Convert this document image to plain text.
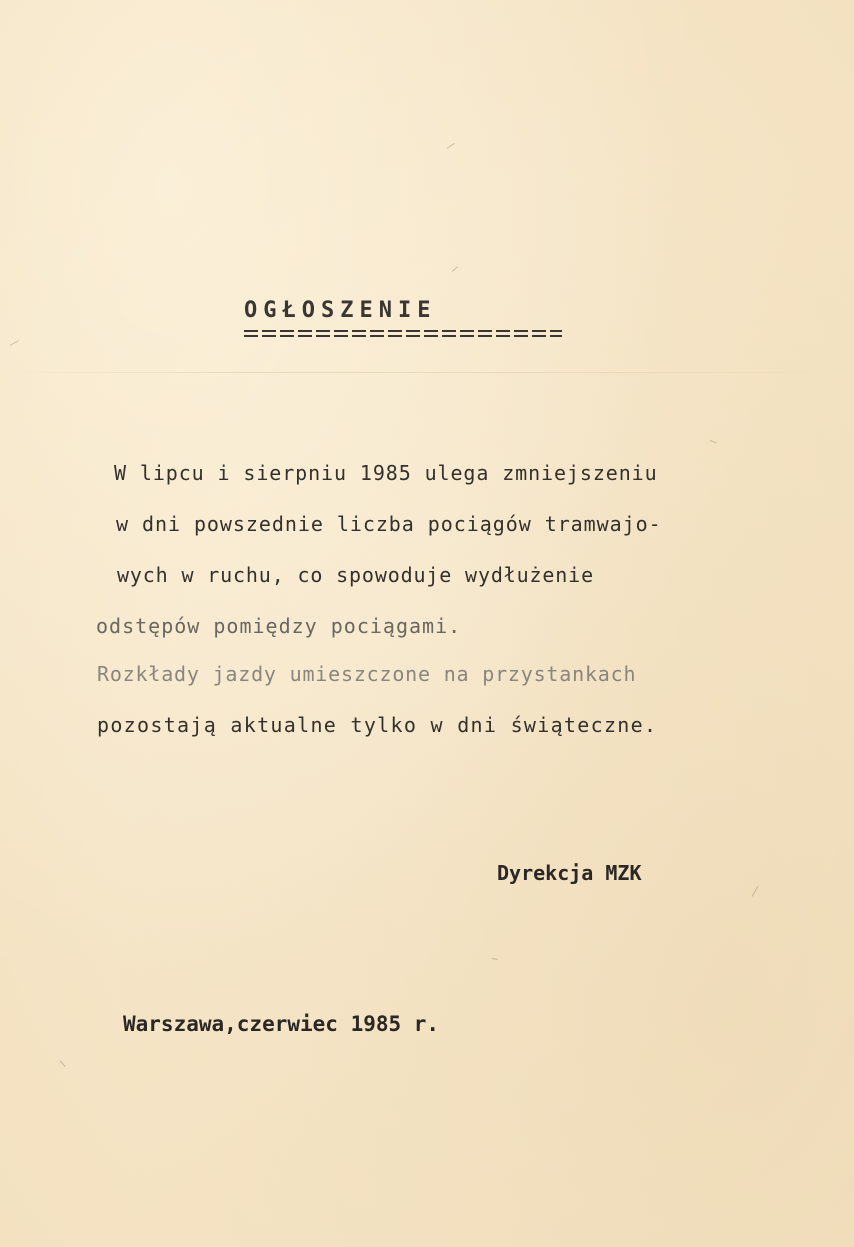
OGŁOSZENIE
W lipcu i sierpniu 1985 ulega zmniejszeniu
w dni powszednie liczba pociągów tramwajo-
wych w ruchu, co spowoduje wydłużenie
odstępów pomiędzy pociągami.
Rozkłady jazdy umieszczone na przystankach
pozostają aktualne tylko w dni świąteczne.
Dyrekcja MZK
Warszawa,czerwiec 1985 r.
